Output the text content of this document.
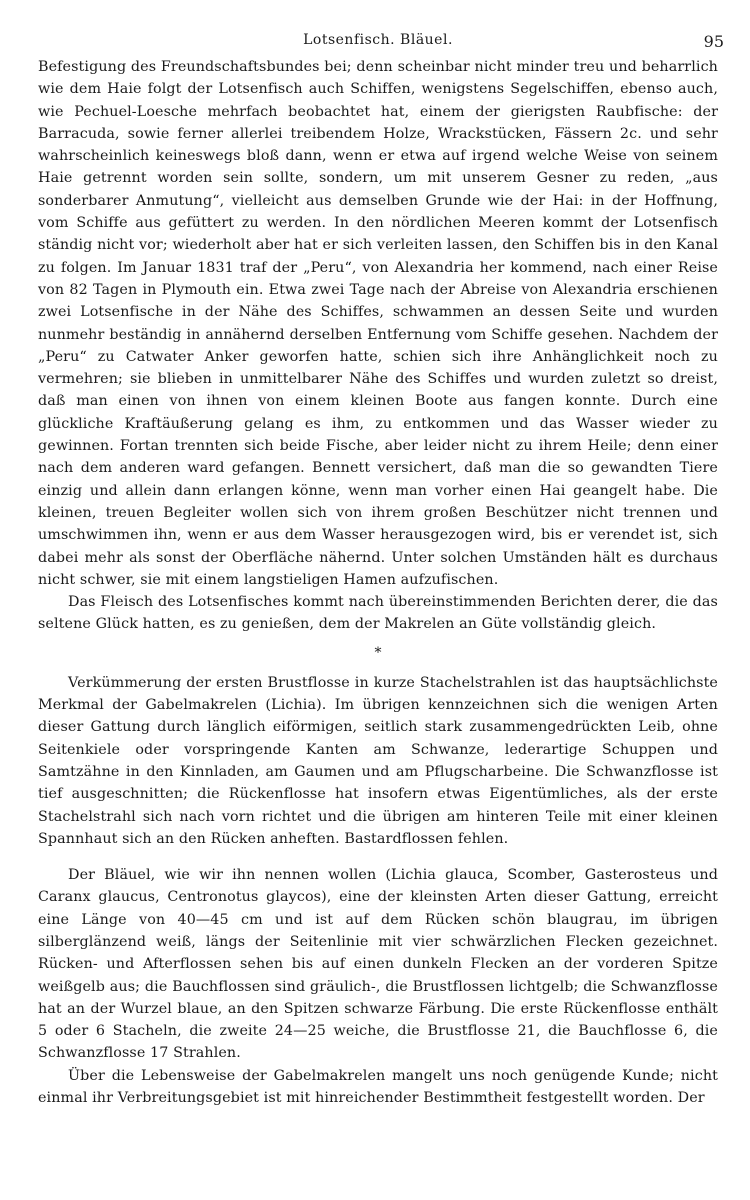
Lotsenfisch. Bläuel.	95

Befestigung des Freundschaftsbundes bei; denn scheinbar nicht minder treu und beharrlich wie dem Haie folgt der Lotsenfisch auch Schiffen, wenigstens Segelschiffen, ebenso auch, wie Pechuel-Loesche mehrfach beobachtet hat, einem der gierigsten Raubfische: der Barracuda, sowie ferner allerlei treibendem Holze, Wrackstücken, Fässern 2c. und sehr wahrscheinlich keineswegs bloß dann, wenn er etwa auf irgend welche Weise von seinem Haie getrennt worden sein sollte, sondern, um mit unserem Gesner zu reden, „aus sonderbarer Anmutung“, vielleicht aus demselben Grunde wie der Hai: in der Hoffnung, vom Schiffe aus gefüttert zu werden. In den nördlichen Meeren kommt der Lotsenfisch ständig nicht vor; wiederholt aber hat er sich verleiten lassen, den Schiffen bis in den Kanal zu folgen. Im Januar 1831 traf der „Peru“, von Alexandria her kommend, nach einer Reise von 82 Tagen in Plymouth ein. Etwa zwei Tage nach der Abreise von Alexandria erschienen zwei Lotsenfische in der Nähe des Schiffes, schwammen an dessen Seite und wurden nunmehr beständig in annähernd derselben Entfernung vom Schiffe gesehen. Nachdem der „Peru“ zu Catwater Anker geworfen hatte, schien sich ihre Anhänglichkeit noch zu vermehren; sie blieben in unmittelbarer Nähe des Schiffes und wurden zuletzt so dreist, daß man einen von ihnen von einem kleinen Boote aus fangen konnte. Durch eine glückliche Kraftäußerung gelang es ihm, zu entkommen und das Wasser wieder zu gewinnen. Fortan trennten sich beide Fische, aber leider nicht zu ihrem Heile; denn einer nach dem anderen ward gefangen. Bennett versichert, daß man die so gewandten Tiere einzig und allein dann erlangen könne, wenn man vorher einen Hai geangelt habe. Die kleinen, treuen Begleiter wollen sich von ihrem großen Beschützer nicht trennen und umschwimmen ihn, wenn er aus dem Wasser herausgezogen wird, bis er verendet ist, sich dabei mehr als sonst der Oberfläche nähernd. Unter solchen Umständen hält es durchaus nicht schwer, sie mit einem langstieligen Hamen aufzufischen.

Das Fleisch des Lotsenfisches kommt nach übereinstimmenden Berichten derer, die das seltene Glück hatten, es zu genießen, dem der Makrelen an Güte vollständig gleich.

*

Verkümmerung der ersten Brustflosse in kurze Stachelstrahlen ist das hauptsächlichste Merkmal der Gabelmakrelen (Lichia). Im übrigen kennzeichnen sich die wenigen Arten dieser Gattung durch länglich eiförmigen, seitlich stark zusammengedrückten Leib, ohne Seitenkiele oder vorspringende Kanten am Schwanze, lederartige Schuppen und Samtzähne in den Kinnladen, am Gaumen und am Pflugscharbeine. Die Schwanzflosse ist tief ausgeschnitten; die Rückenflosse hat insofern etwas Eigentümliches, als der erste Stachelstrahl sich nach vorn richtet und die übrigen am hinteren Teile mit einer kleinen Spannhaut sich an den Rücken anheften. Bastardflossen fehlen.

Der Bläuel, wie wir ihn nennen wollen (Lichia glauca, Scomber, Gasterosteus und Caranx glaucus, Centronotus glaycos), eine der kleinsten Arten dieser Gattung, erreicht eine Länge von 40—45 cm und ist auf dem Rücken schön blaugrau, im übrigen silberglänzend weiß, längs der Seitenlinie mit vier schwärzlichen Flecken gezeichnet. Rücken- und Afterflossen sehen bis auf einen dunkeln Flecken an der vorderen Spitze weißgelb aus; die Bauchflossen sind gräulich-, die Brustflossen lichtgelb; die Schwanzflosse hat an der Wurzel blaue, an den Spitzen schwarze Färbung. Die erste Rückenflosse enthält 5 oder 6 Stacheln, die zweite 24—25 weiche, die Brustflosse 21, die Bauchflosse 6, die Schwanzflosse 17 Strahlen.

Über die Lebensweise der Gabelmakrelen mangelt uns noch genügende Kunde; nicht einmal ihr Verbreitungsgebiet ist mit hinreichender Bestimmtheit festgestellt worden. Der
